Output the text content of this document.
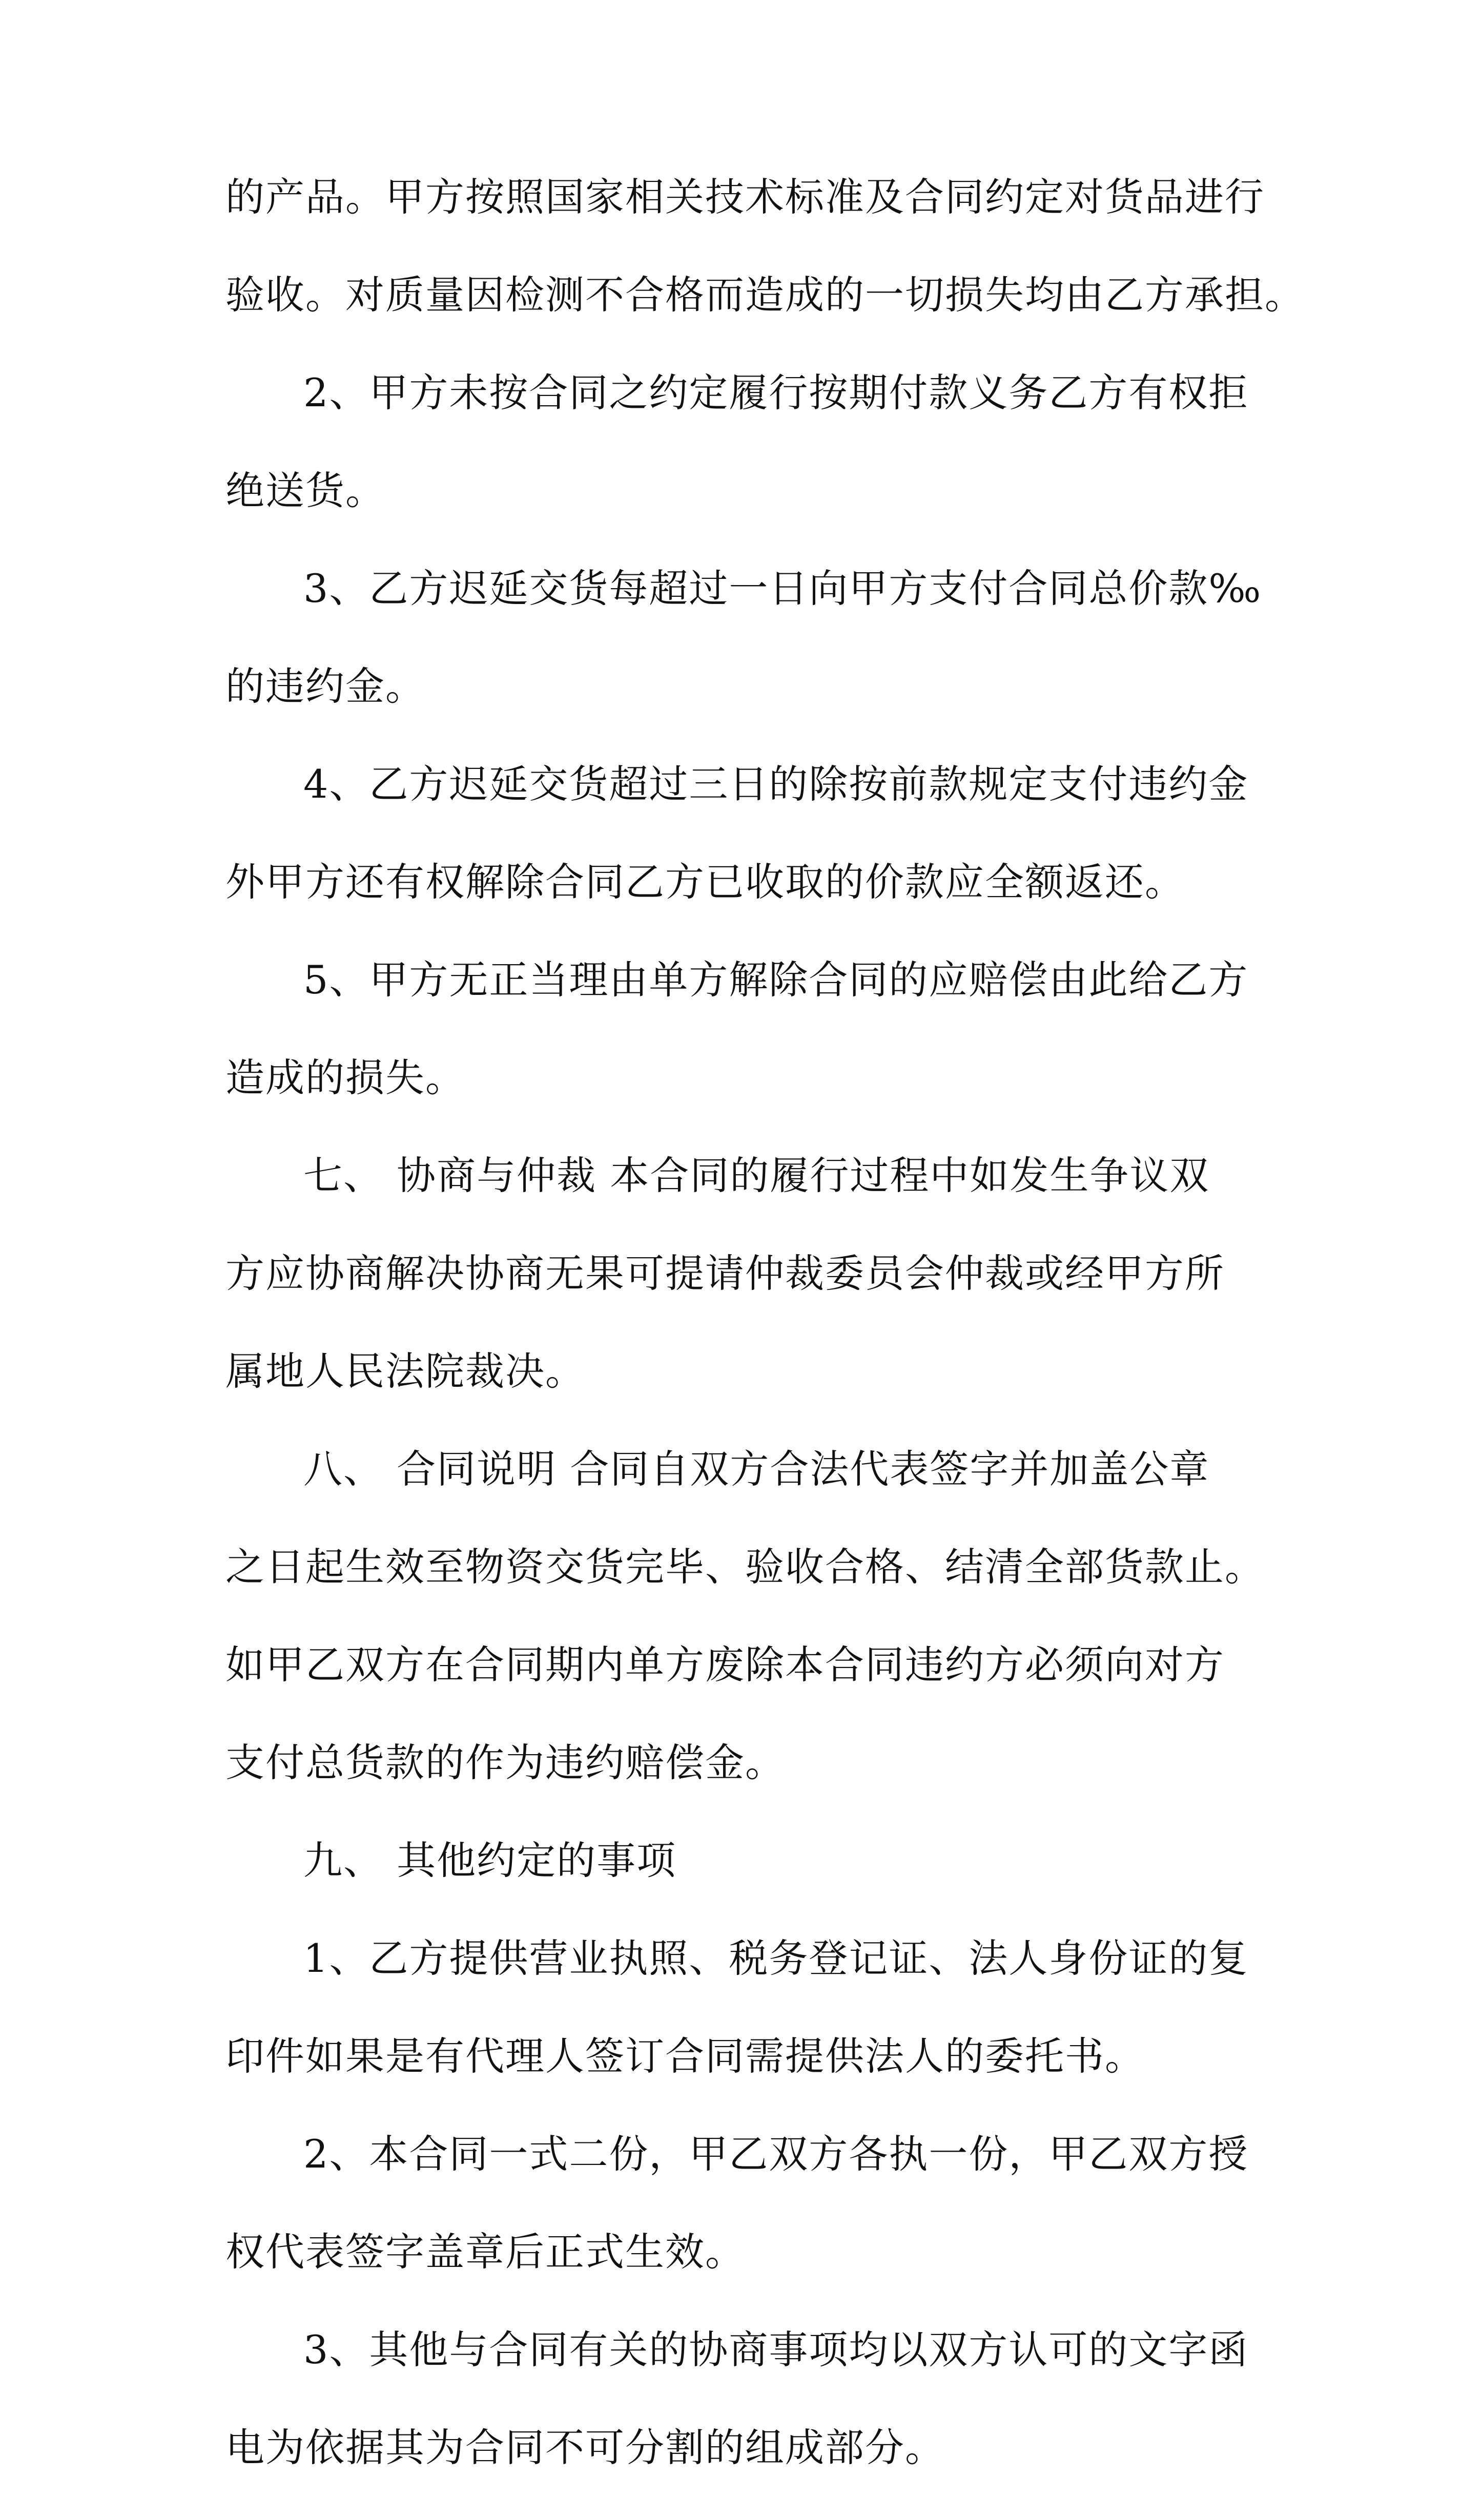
的产品。甲方按照国家相关技术标准及合同约定对货品进行
验收。对质量因检测不合格而造成的一切损失均由乙方承担。
2、甲方未按合同之约定履行按期付款义务乙方有权拒
绝送货。
3、乙方迟延交货每超过一日向甲方支付合同总价款‰
的违约金。
4、乙方迟延交货超过三日的除按前款规定支付违约金
外甲方还有权解除合同乙方已收取的价款应全额返还。
5、甲方无正当理由单方解除合同的应赔偿由此给乙方
造成的损失。
七、 协商与仲裁 本合同的履行过程中如发生争议双
方应协商解决协商无果可提请仲裁委员会仲裁或经甲方所
属地人民法院裁决。
八、 合同说明 合同自双方合法代表签字并加盖公章
之日起生效至物资交货完毕、验收合格、结清全部货款止。
如甲乙双方在合同期内单方废除本合同违约方必须向对方
支付总货款的作为违约赔偿金。
九、 其他约定的事项
1、乙方提供营业执照、税务登记证、法人身份证的复
印件如果是有代理人签订合同需提供法人的委托书。
2、本合同一式二份，甲乙双方各执一份，甲乙双方授
权代表签字盖章后正式生效。
3、其他与合同有关的协商事项均以双方认可的文字函
电为依据其为合同不可分割的组成部分。
